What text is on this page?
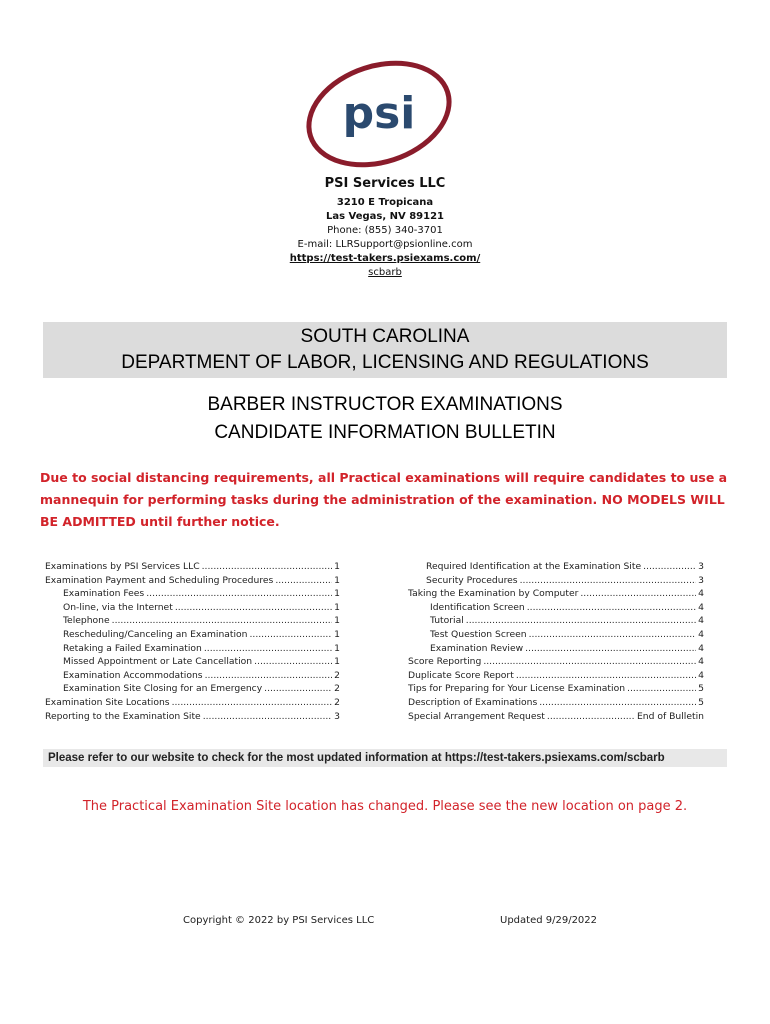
psi
PSI Services LLC
3210 E Tropicana
Las Vegas, NV 89121
Phone: (855) 340-3701
E-mail: LLRSupport@psionline.com
https://test-takers.psiexams.com/
scbarb
SOUTH CAROLINA
DEPARTMENT OF LABOR, LICENSING AND REGULATIONS
BARBER INSTRUCTOR EXAMINATIONS
CANDIDATE INFORMATION BULLETIN
Due to social distancing requirements, all Practical examinations will require candidates to use a mannequin for performing tasks during the administration of the examination. NO MODELS WILL BE ADMITTED until further notice.
Examinations by PSI Services LLC .....	1
Examination Payment and Scheduling Procedures .....	1
Examination Fees .....	1
On-line, via the Internet .....	1
Telephone .....	1
Rescheduling/Canceling an Examination .....	1
Retaking a Failed Examination .....	1
Missed Appointment or Late Cancellation .....	1
Examination Accommodations .....	2
Examination Site Closing for an Emergency .....	2
Examination Site Locations .....	2
Reporting to the Examination Site .....	3
Required Identification at the Examination Site .....	3
Security Procedures .....	3
Taking the Examination by Computer .....	4
Identification Screen .....	4
Tutorial .....	4
Test Question Screen .....	4
Examination Review .....	4
Score Reporting .....	4
Duplicate Score Report .....	4
Tips for Preparing for Your License Examination .....	5
Description of Examinations .....	5
Special Arrangement Request .....	End of Bulletin
Please refer to our website to check for the most updated information at https://test-takers.psiexams.com/scbarb
The Practical Examination Site location has changed. Please see the new location on page 2.
Copyright © 2022 by PSI Services LLC	Updated 9/29/2022
